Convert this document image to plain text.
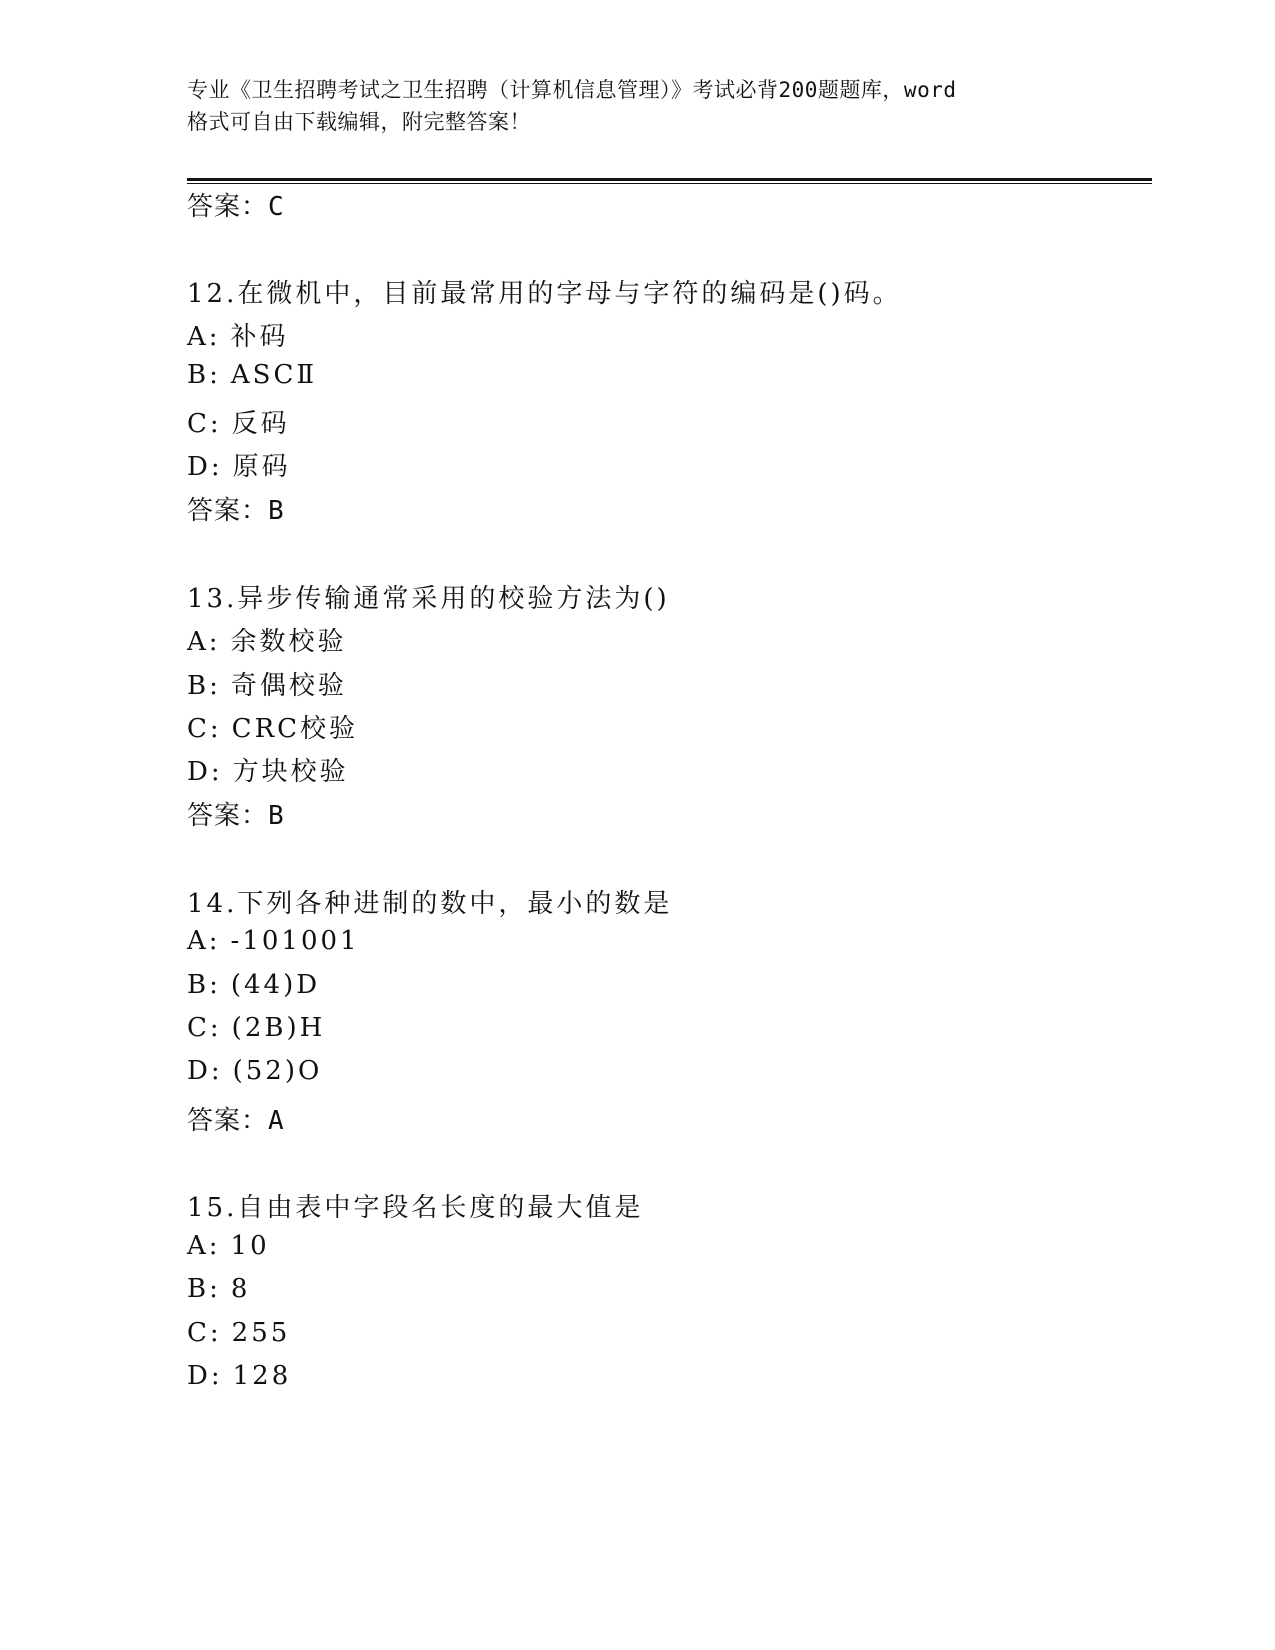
专业《卫生招聘考试之卫生招聘（计算机信息管理）》考试必背200题题库，word
格式可自由下载编辑，附完整答案！
答案：C
12.在微机中，目前最常用的字母与字符的编码是()码。
A: 补码
B: ASCⅡ
C: 反码
D: 原码
答案：B
13.异步传输通常采用的校验方法为()
A: 余数校验
B: 奇偶校验
C: CRC校验
D: 方块校验
答案：B
14.下列各种进制的数中，最小的数是
A: -101001
B: (44)D
C: (2B)H
D: (52)O
答案：A
15.自由表中字段名长度的最大值是
A: 10
B: 8
C: 255
D: 128
